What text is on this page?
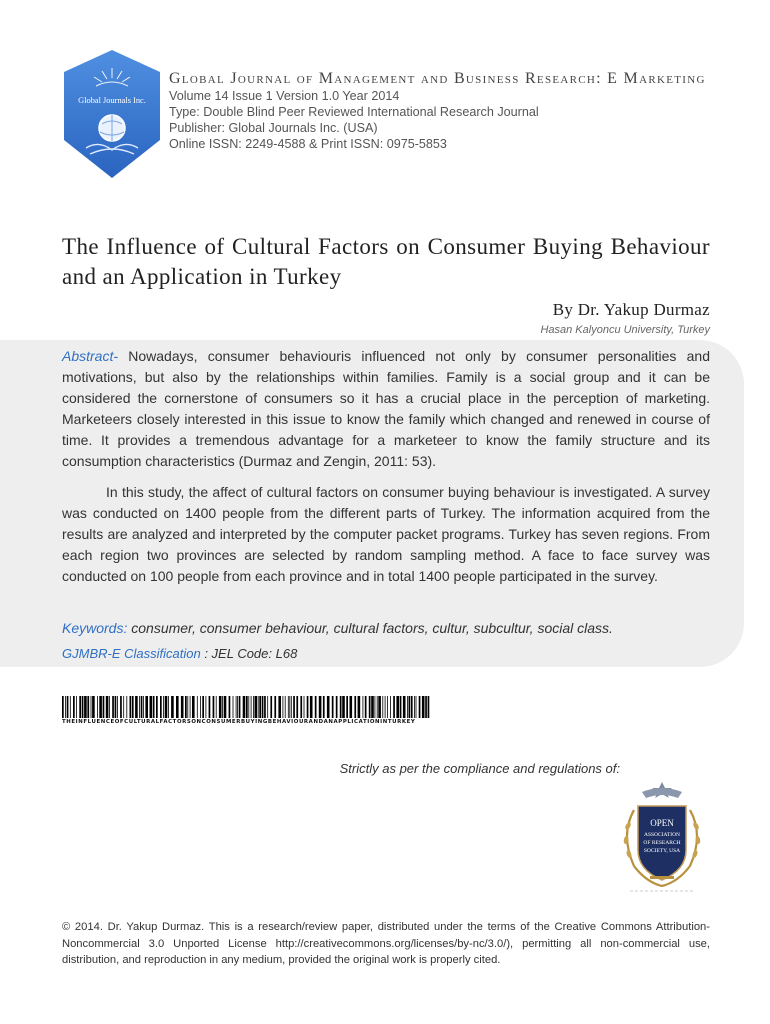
Global Journals Inc.

Global Journal of Management and Business Research: E Marketing

Volume 14 Issue 1 Version 1.0 Year 2014

Type: Double Blind Peer Reviewed International Research Journal

Publisher: Global Journals Inc. (USA)

Online ISSN: 2249-4588 & Print ISSN: 0975-5853

The Influence of Cultural Factors on Consumer Buying Behaviour and an Application in Turkey
By Dr. Yakup Durmaz
Hasan Kalyoncu University, Turkey

Abstract- Nowadays, consumer behaviouris influenced not only by consumer personalities and motivations, but also by the relationships within families. Family is a social group and it can be considered the cornerstone of consumers so it has a crucial place in the perception of marketing. Marketeers closely interested in this issue to know the family which changed and renewed in course of time. It provides a tremendous advantage for a marketeer to know the family structure and its consumption characteristics (Durmaz and Zengin, 2011: 53).

In this study, the affect of cultural factors on consumer buying behaviour is investigated. A survey was conducted on 1400 people from the different parts of Turkey. The information acquired from the results are analyzed and interpreted by the computer packet programs. Turkey has seven regions. From each region two provinces are selected by random sampling method. A face to face survey was conducted on 100 people from each province and in total 1400 people participated in the survey.

Keywords: consumer, consumer behaviour, cultural factors, cultur, subcultur, social class.

GJMBR-E Classification : JEL Code: L68

THEINFLUENCEOFCULTURALFACTORSONCONSUMERBUYINGBEHAVIOURANDANAPPLICATIONINTURKEY
Strictly as per the compliance and regulations of:
OPEN
ASSOCIATION
OF RESEARCH
SOCIETY, USA

© 2014. Dr. Yakup Durmaz. This is a research/review paper, distributed under the terms of the Creative Commons Attribution-Noncommercial 3.0 Unported License http://creativecommons.org/licenses/by-nc/3.0/), permitting all non-commercial use, distribution, and reproduction in any medium, provided the original work is properly cited.
